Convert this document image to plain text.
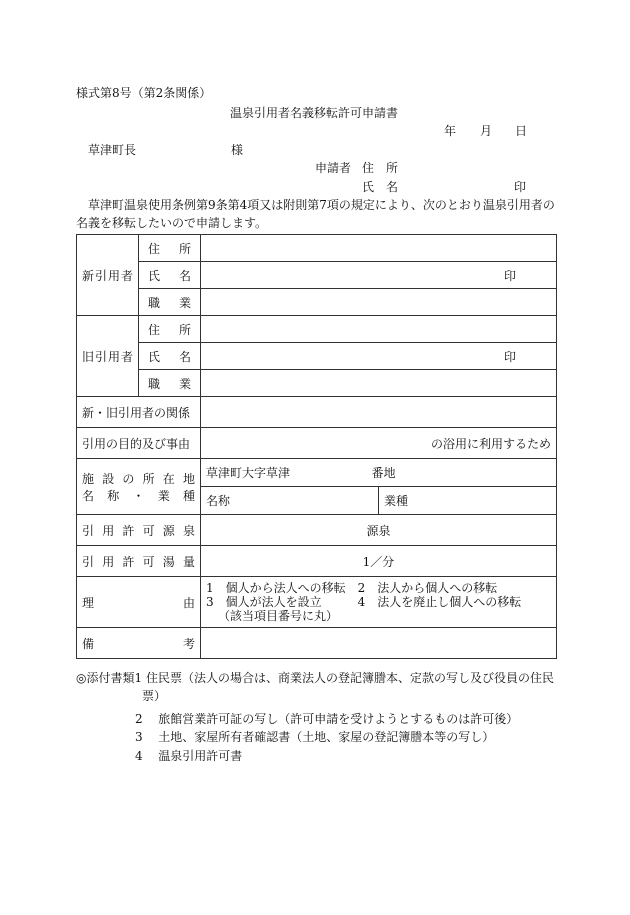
様式第8号（第2条関係）
温泉引用者名義移転許可申請書
年 月 日
草津町長	様
申請者 住　所
氏　名	印
草津町温泉使用条例第9条第4項又は附則第7項の規定により、次のとおり温泉引用者の
名義を移転したいので申請します。
新引用者	住所		

	氏名	印	

	職業		

旧引用者	住所		

	氏名	印	

	職業		

新・旧引用者の関係			
引用の目的及び事由		の浴用に利用するため	

施設の所在地
名称・業種		草津町大字草津 番地	
		名称	業種

引用許可源泉		源泉	

引用許可湯量		1／分	

理由		1　個人から法人への移転 2　法人から個人への移転
3　個人が法人を設立 4　法人を廃止し個人への移転
（該当項目番号に丸）	

備考			

◎添付書類1 住民票（法人の場合は、商業法人の登記簿謄本、定款の写し及び役員の住民
票）
2 旅館営業許可証の写し（許可申請を受けようとするものは許可後）
3 土地、家屋所有者確認書（土地、家屋の登記簿謄本等の写し）
4 温泉引用許可書
